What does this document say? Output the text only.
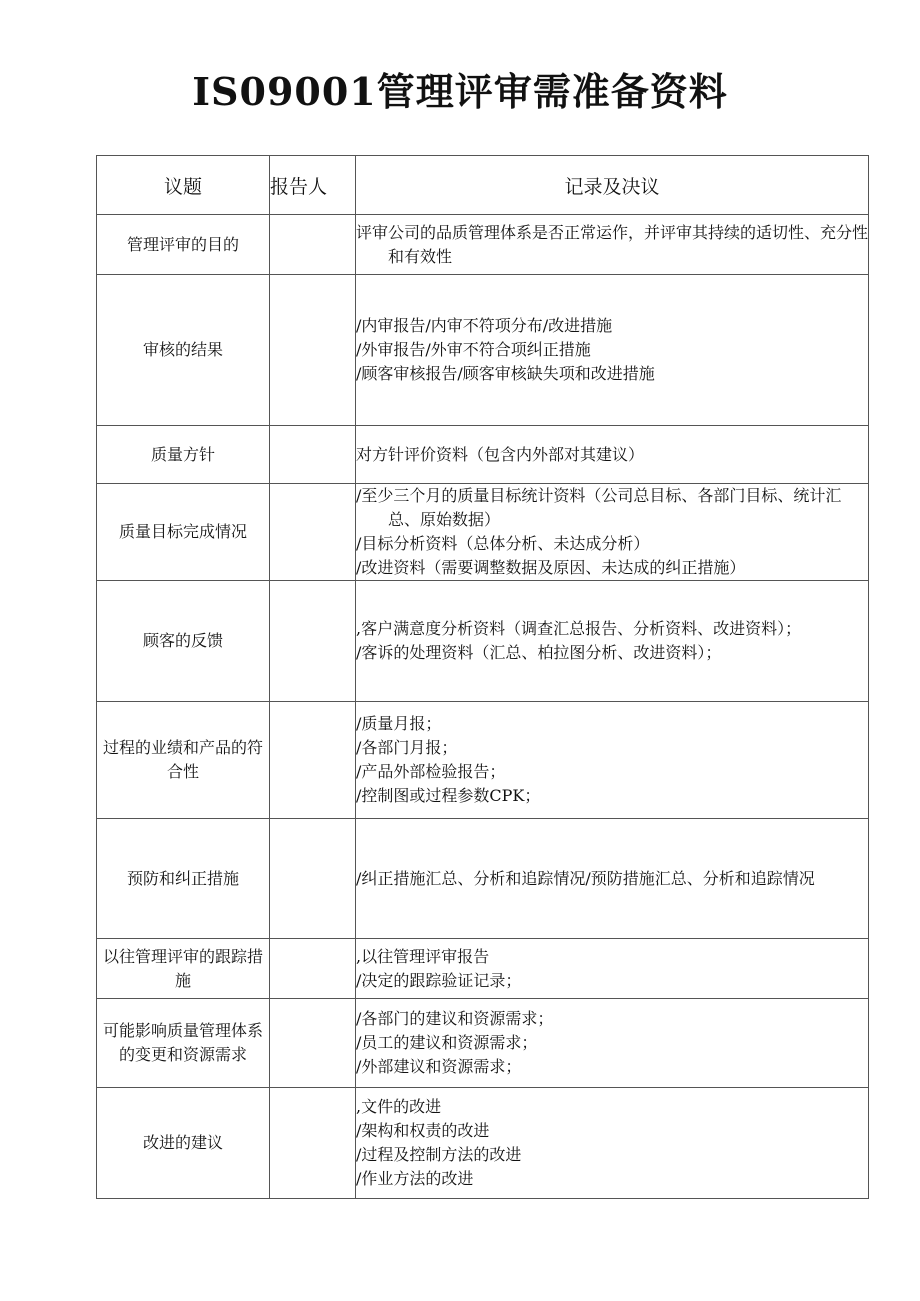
IS09001管理评审需准备资料
议题	报告人	记录及决议
管理评审的目的		评审公司的品质管理体系是否正常运作，并评审其持续的适切性、充分性和有效性

审核的结果		/内审报告/内审不符项分布/改进措施
/外审报告/外审不符合项纠正措施
/顾客审核报告/顾客审核缺失项和改进措施

质量方针		对方针评价资料（包含内外部对其建议）

质量目标完成情况		/至少三个月的质量目标统计资料（公司总目标、各部门目标、统计汇总、原始数据）
/目标分析资料（总体分析、未达成分析）
/改进资料（需要调整数据及原因、未达成的纠正措施）

顾客的反馈		,客户满意度分析资料（调查汇总报告、分析资料、改进资料）；
/客诉的处理资料（汇总、柏拉图分析、改进资料）；

过程的业绩和产品的符合性		/质量月报；
/各部门月报；
/产品外部检验报告；
/控制图或过程参数CPK；

预防和纠正措施		/纠正措施汇总、分析和追踪情况/预防措施汇总、分析和追踪情况

以往管理评审的跟踪措施		,以往管理评审报告
/决定的跟踪验证记录；

可能影响质量管理体系的变更和资源需求		/各部门的建议和资源需求；
/员工的建议和资源需求；
/外部建议和资源需求；

改进的建议		,文件的改进
/架构和权责的改进
/过程及控制方法的改进
/作业方法的改进
